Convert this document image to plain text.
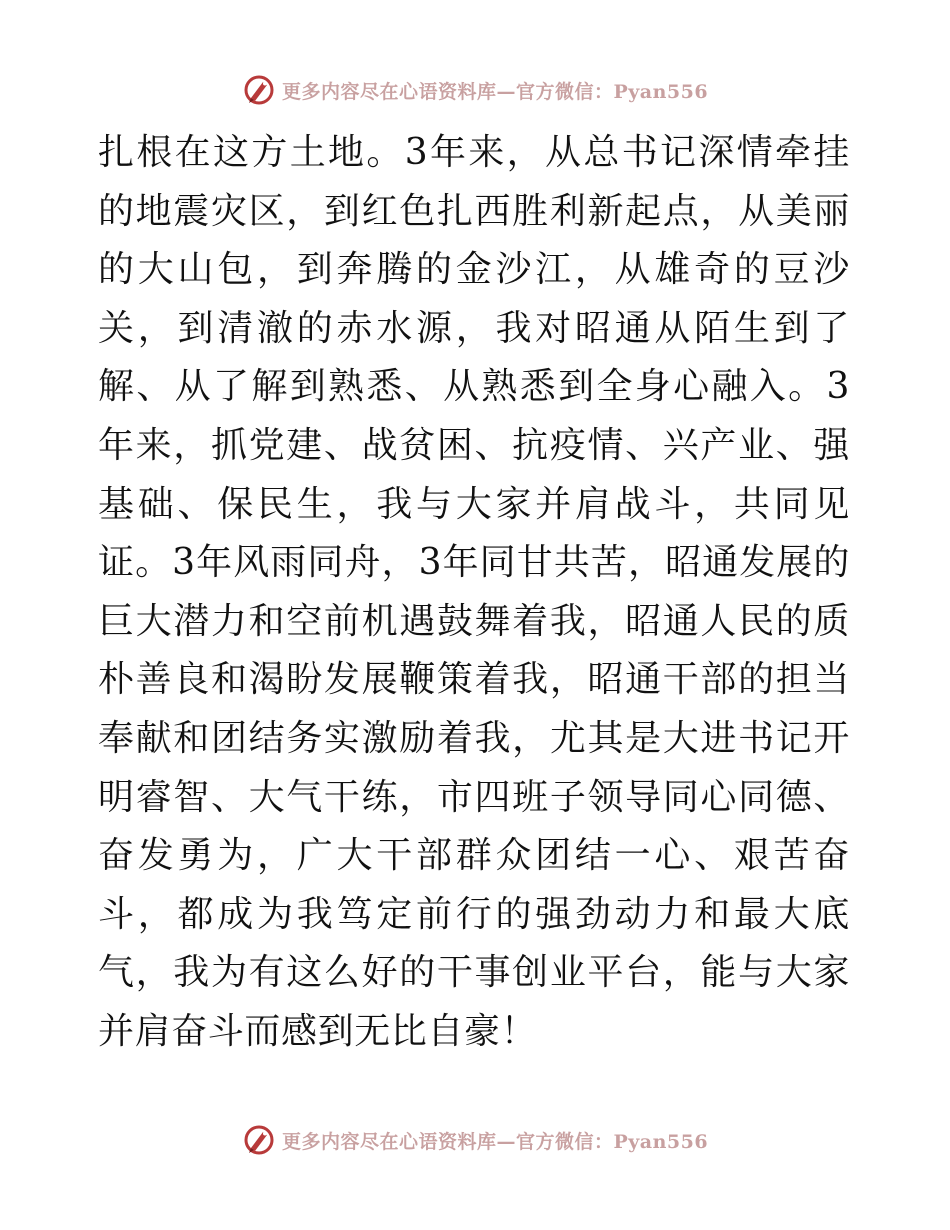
更多内容尽在心语资料库—官方微信：Pyan556

扎根在这方土地。3年来，从总书记深情牵挂的地震灾区，到红色扎西胜利新起点，从美丽的大山包，到奔腾的金沙江，从雄奇的豆沙关，到清澈的赤水源，我对昭通从陌生到了解、从了解到熟悉、从熟悉到全身心融入。3年来，抓党建、战贫困、抗疫情、兴产业、强基础、保民生，我与大家并肩战斗，共同见证。3年风雨同舟，3年同甘共苦，昭通发展的巨大潜力和空前机遇鼓舞着我，昭通人民的质朴善良和渴盼发展鞭策着我，昭通干部的担当奉献和团结务实激励着我，尤其是大进书记开明睿智、大气干练，市四班子领导同心同德、奋发勇为，广大干部群众团结一心、艰苦奋斗，都成为我笃定前行的强劲动力和最大底气，我为有这么好的干事创业平台，能与大家并肩奋斗而感到无比自豪！

更多内容尽在心语资料库—官方微信：Pyan556
